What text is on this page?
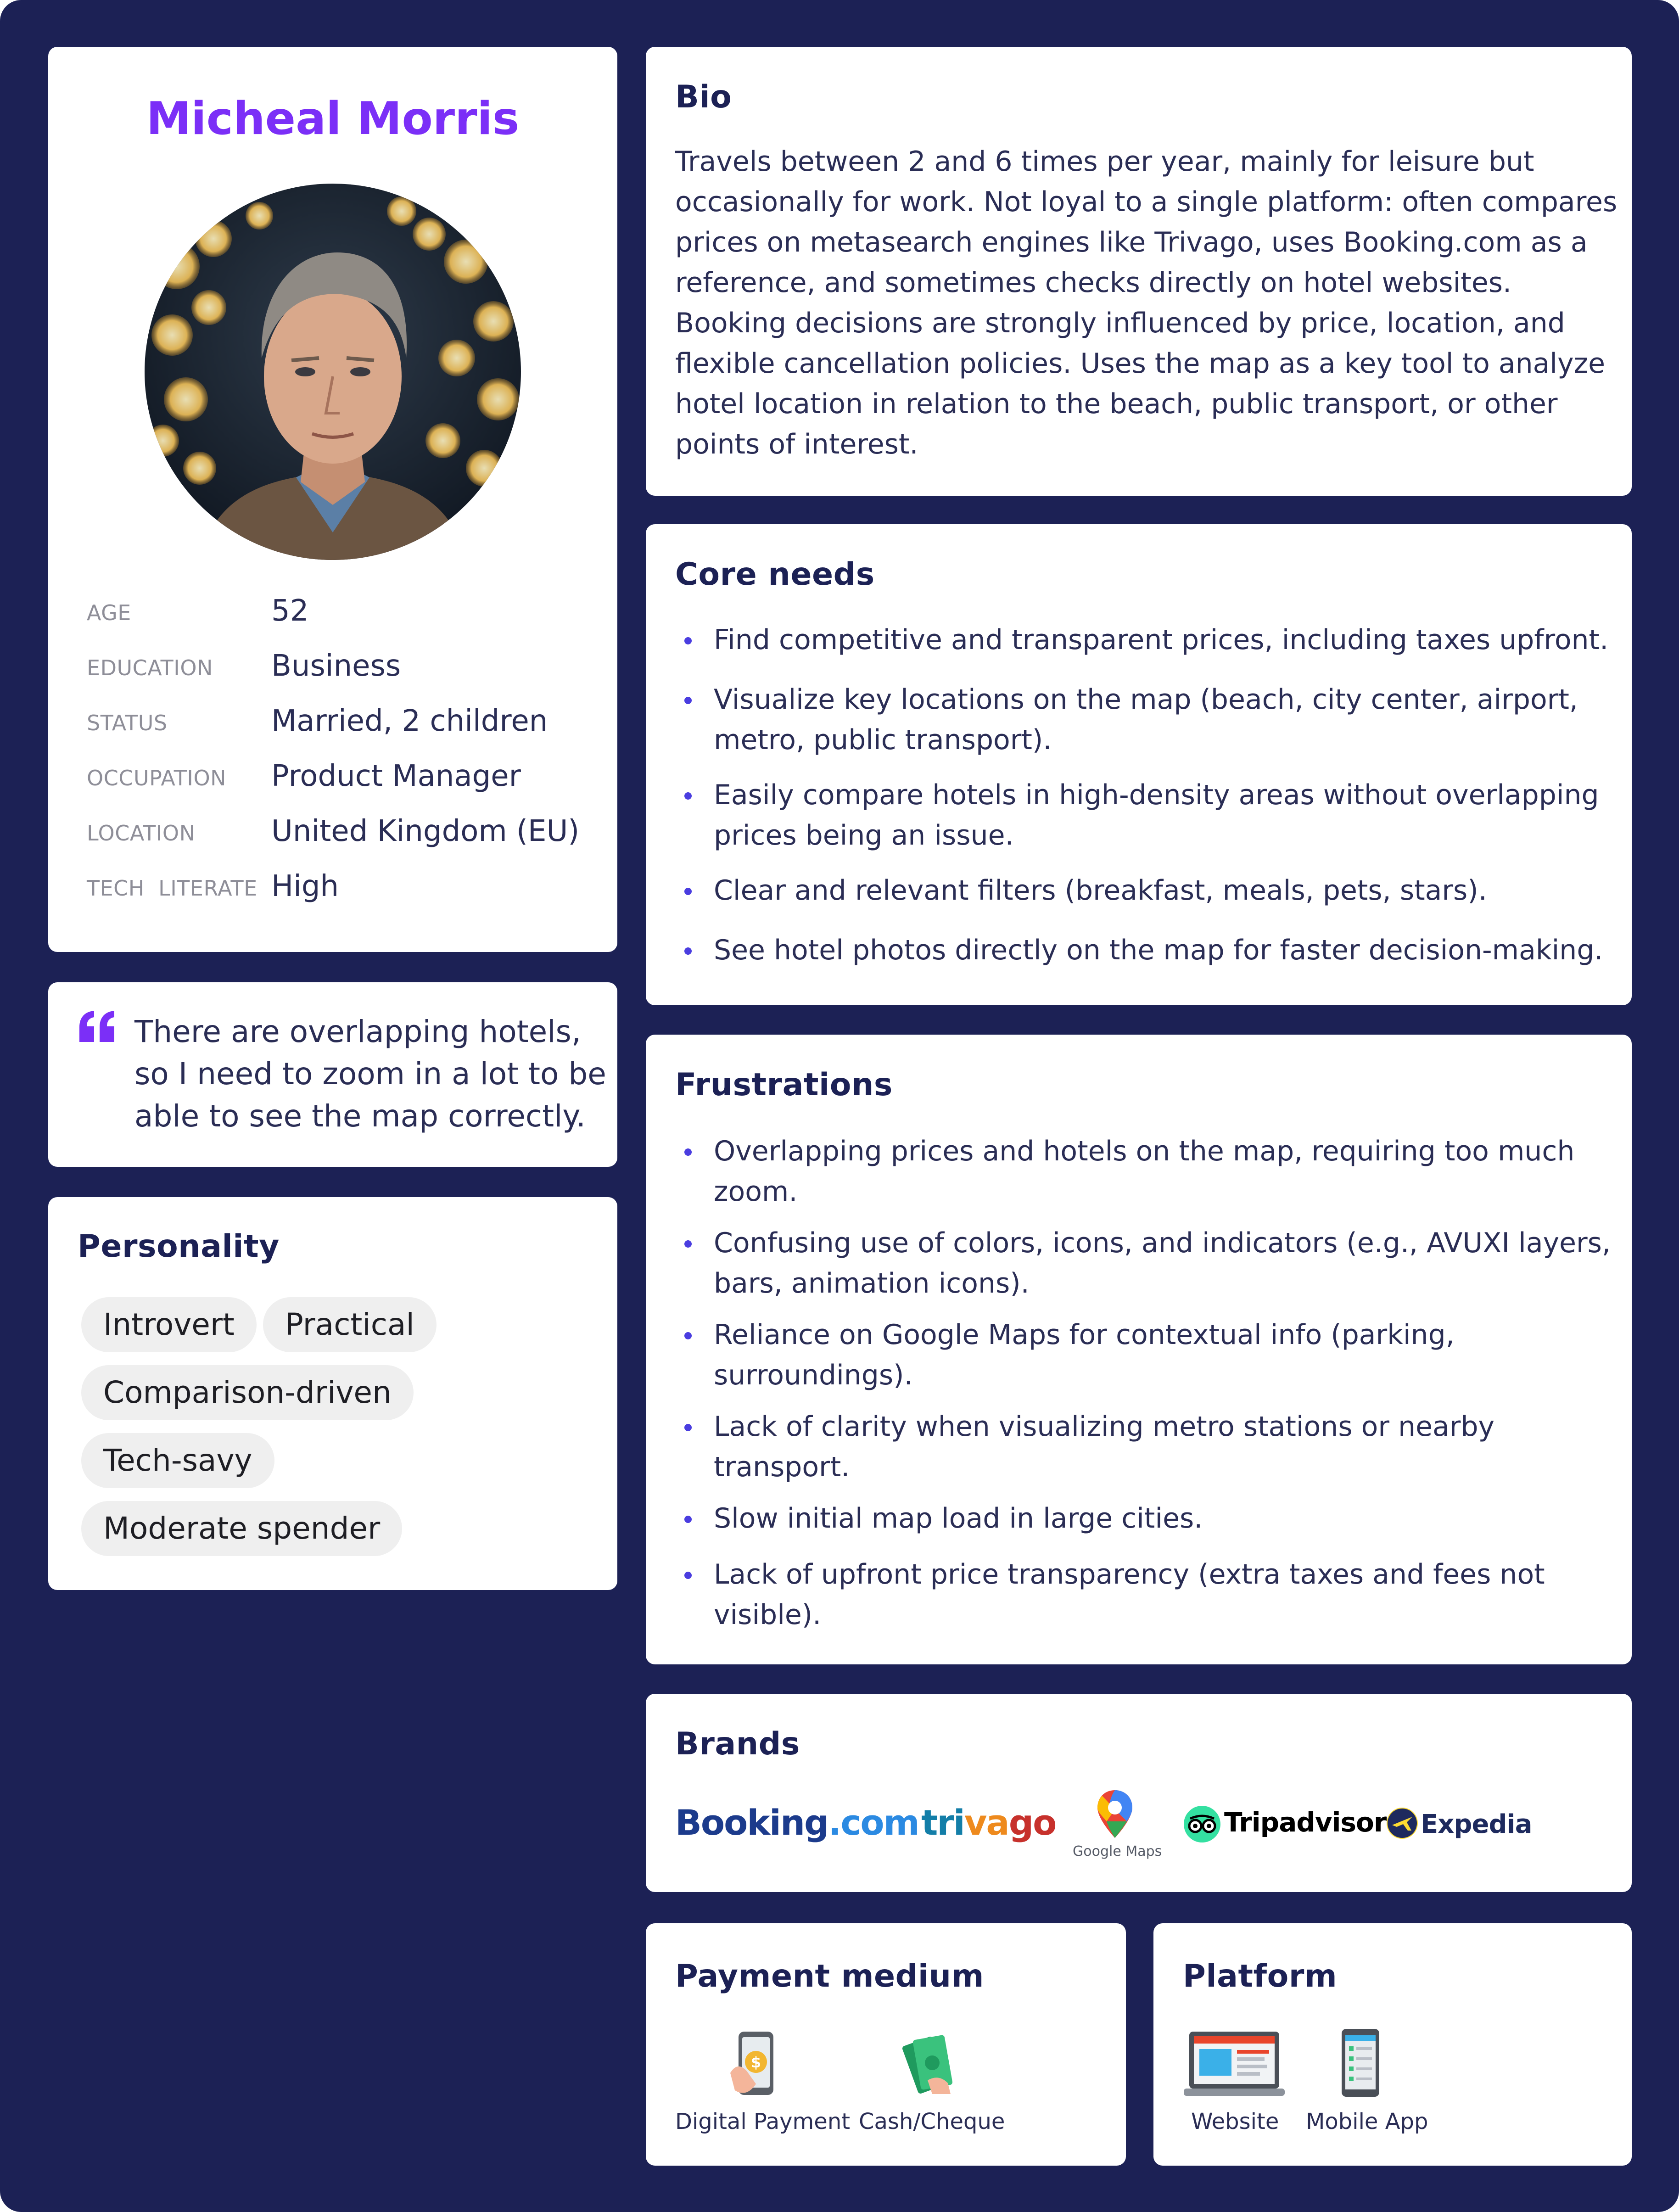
Micheal Morris
AGE	52
EDUCATION Business
STATUS	Married, 2 children
OCCUPATION Product Manager
LOCATION	United Kingdom (EU)
TECH  LITERATE High
There are overlapping hotels,
so I need to zoom in a lot to be
able to see the map correctly.
Personality
Introvert	Practical
Comparison-driven
Tech-savy
Moderate spender
Bio
Travels between 2 and 6 times per year, mainly for leisure but
occasionally for work. Not loyal to a single platform: often compares
prices on metasearch engines like Trivago, uses Booking.com as a
reference, and sometimes checks directly on hotel websites.
Booking decisions are strongly influenced by price, location, and
flexible cancellation policies. Uses the map as a key tool to analyze
hotel location in relation to the beach, public transport, or other
points of interest.
Core needs
Find competitive and transparent prices, including taxes upfront.
Visualize key locations on the map (beach, city center, airport,
metro, public transport).
Easily compare hotels in high-density areas without overlapping
prices being an issue.
Clear and relevant filters (breakfast, meals, pets, stars).
See hotel photos directly on the map for faster decision-making.
Frustrations
Overlapping prices and hotels on the map, requiring too much
zoom.
Confusing use of colors, icons, and indicators (e.g., AVUXI layers,
bars, animation icons).
Reliance on Google Maps for contextual info (parking,
surroundings).
Lack of clarity when visualizing metro stations or nearby
transport.
Slow initial map load in large cities.
Lack of upfront price transparency (extra taxes and fees not
visible).
Brands
Booking.com trivago
Google Maps
Tripadvisor Expedia
Payment medium
$
Digital Payment Cash/Cheque
Platform
Website Mobile App
